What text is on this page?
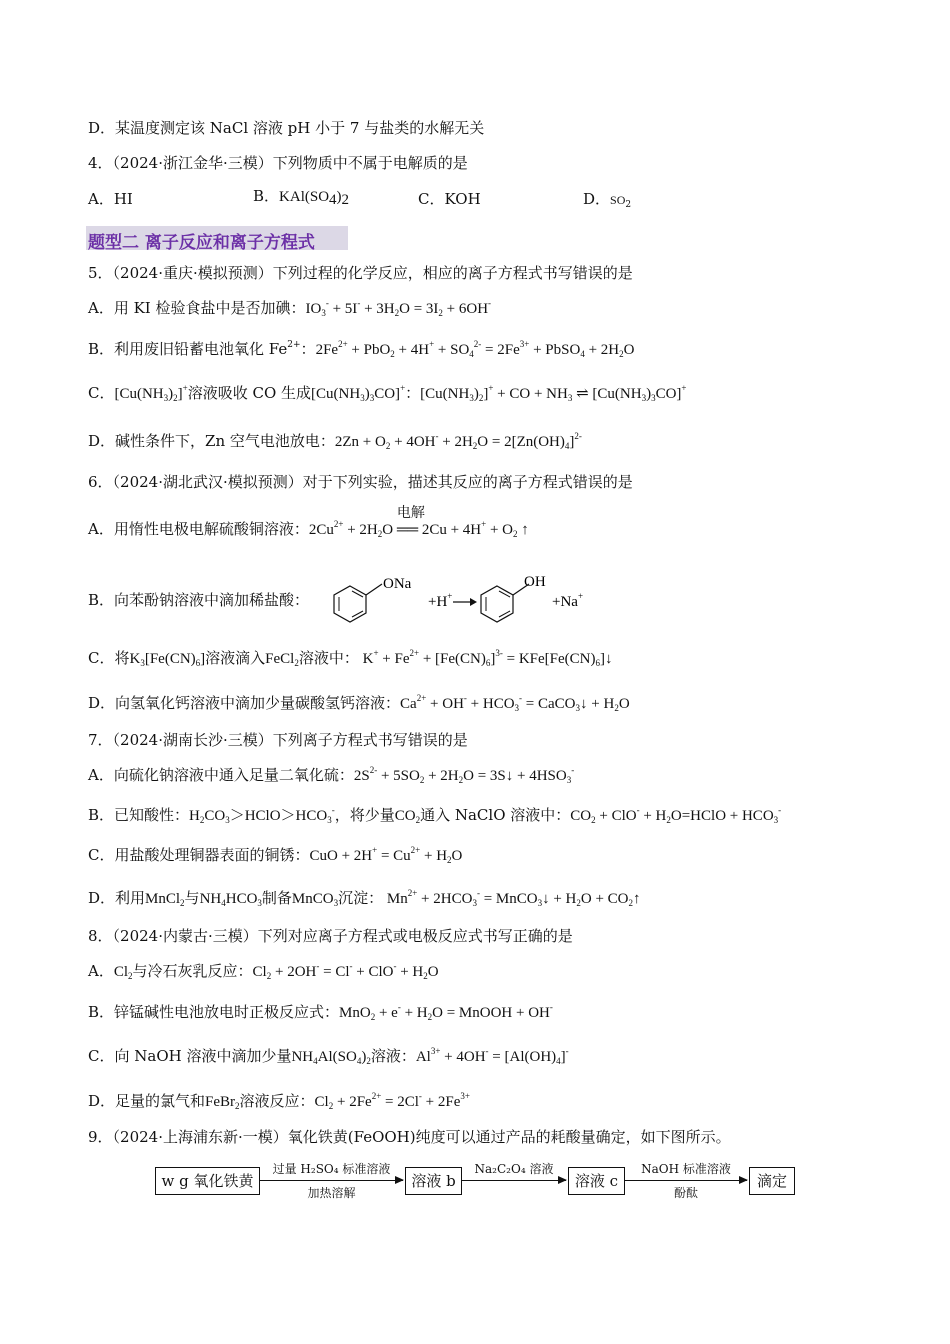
D．某温度测定该 NaCl 溶液 pH 小于 7 与盐类的水解无关
4．（2024·浙江金华·三模）下列物质中不属于电解质的是
A．HI	B．$KAl(SO_4)_2$	C．KOH	D．$SO_2$
题型二 离子反应和离子方程式
5．（2024·重庆·模拟预测）下列过程的化学反应，相应的离子方程式书写错误的是
A．用 KI 检验食盐中是否加碘：$IO_3^- + 5I^- + 3H_2O = 3I_2 + 6OH^-$
B．利用废旧铅蓄电池氧化 $Fe^{2+}$：$2Fe^{2+} + PbO_2 + 4H^+ + SO_4^{2-} = 2Fe^{3+}$ + PbSO$_4$ + $2H_2O$
C．$[Cu(NH_3)_2]^+$溶液吸收 CO 生成$[Cu(NH_3)_3CO]^+$：$[Cu(NH_3)_2]^+$ + CO + $NH_3$ ⇌ $[Cu(NH_3)_3CO]^+$
D．碱性条件下，Zn 空气电池放电：$2Zn + O_2 + 4OH^- + 2H_2O = 2[Zn(OH)_4]^{2-}$
6．（2024·湖北武汉·模拟预测）对于下列实验，描述其反应的离子方程式错误的是
A．用惰性电极电解硫酸铜溶液：$2Cu^{2+} + 2H_2O$
电解
══ $2Cu + 4H^+ + O_2$ ↑
B．向苯酚钠溶液中滴加稀盐酸：
ONa
+H+
OH
+Na+
C．将$K_3[Fe(CN)_6]$溶液滴入FeCl$_2$溶液中： $K^+ + Fe^{2+} + [Fe(CN)_6]^{3-}$ = $KFe[Fe(CN)_6]↓$
D．向氢氧化钙溶液中滴加少量碳酸氢钙溶液：$Ca^{2+} + OH^- + HCO_3^-$ = CaCO$_3$↓ + $H_2O$
7．（2024·湖南长沙·三模）下列离子方程式书写错误的是
A．向硫化钠溶液中通入足量二氧化硫：$2S^{2-} + 5SO_2 + 2H_2O$ = 3S↓ + $4HSO_3^-$
B．已知酸性：$H_2CO_3>HClO>HCO_3^-$，将少量$CO_2$通入 NaClO 溶液中：$CO_2 + ClO^-$ + $H_2O=HClO + HCO_3^-$
C．用盐酸处理铜器表面的铜锈：CuO + $2H^+ = Cu^{2+} + H_2O$
D．利用MnCl$_2$与$NH_4HCO_3$制备MnCO$_3$沉淀： $Mn^{2+} + 2HCO_3^-$ = MnCO$_3$↓ + $H_2O$ + $CO_2↑$
8．（2024·内蒙古·三模）下列对应离子方程式或电极反应式书写正确的是
A．$Cl_2$与冷石灰乳反应：$Cl_2 + 2OH^- = Cl^- + ClO^- + H_2O$
B．锌锰碱性电池放电时正极反应式：$MnO_2 + e^- + H_2O$ = MnOOH + OH-
C．向 NaOH 溶液中滴加少量$NH_4Al(SO_4)_2$溶液：$Al^{3+} + 4OH^- = [Al(OH)_4]^-$
D．足量的氯气和FeBr$_2$溶液反应：$Cl_2 + 2Fe^{2+} = 2Cl^- + 2Fe^{3+}$
9．（2024·上海浦东新·一模）氧化铁黄(FeOOH)纯度可以通过产品的耗酸量确定，如下图所示。
w g 氧化铁黄
过量 H₂SO₄ 标准溶液
加热溶解
溶液 b
Na₂C₂O₄ 溶液
溶液 c
NaOH 标准溶液
酚酞
滴定
